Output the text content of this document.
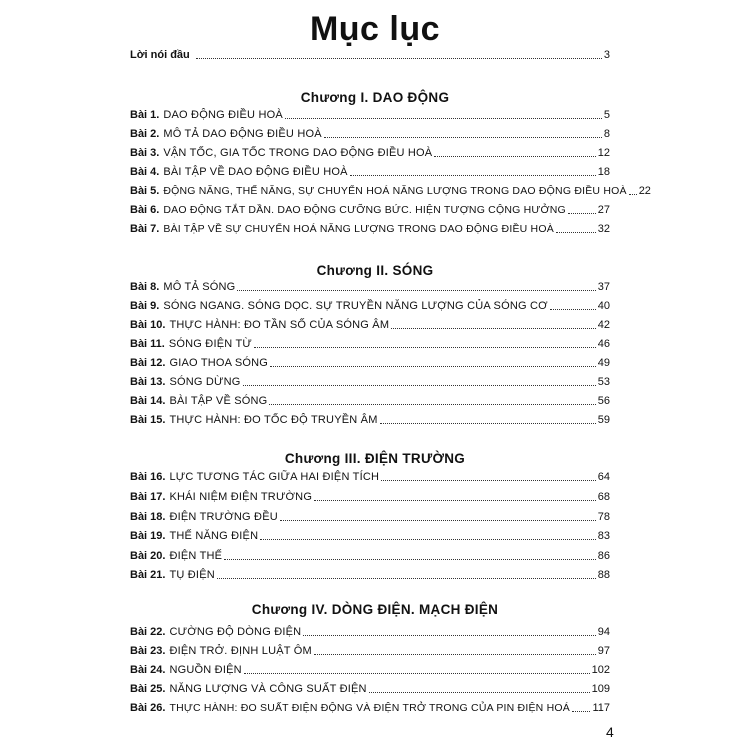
Mục lục
Lời nói đầu	3
Chương I. DAO ĐỘNG
Bài 1. DAO ĐỘNG ĐIỀU HOÀ	5
Bài 2. MÔ TẢ DAO ĐỘNG ĐIỀU HOÀ	8
Bài 3. VẬN TỐC, GIA TỐC TRONG DAO ĐỘNG ĐIỀU HOÀ	12
Bài 4. BÀI TẬP VỀ DAO ĐỘNG ĐIỀU HOÀ	18
Bài 5. ĐỘNG NĂNG, THẾ NĂNG, SỰ CHUYỂN HOÁ NĂNG LƯỢNG TRONG DAO ĐỘNG ĐIỀU HOÀ 22
Bài 6. DAO ĐỘNG TẮT DẦN. DAO ĐỘNG CƯỠNG BỨC. HIỆN TƯỢNG CỘNG HƯỞNG	27
Bài 7. BÀI TẬP VỀ SỰ CHUYỂN HOÁ NĂNG LƯỢNG TRONG DAO ĐỘNG ĐIỀU HOÀ	32
Chương II. SÓNG
Bài 8. MÔ TẢ SÓNG	37
Bài 9. SÓNG NGANG. SÓNG DỌC. SỰ TRUYỀN NĂNG LƯỢNG CỦA SÓNG CƠ	40
Bài 10. THỰC HÀNH: ĐO TẦN SỐ CỦA SÓNG ÂM	42
Bài 11. SÓNG ĐIỆN TỪ	46
Bài 12. GIAO THOA SÓNG	49
Bài 13. SÓNG DỪNG	53
Bài 14. BÀI TẬP VỀ SÓNG	56
Bài 15. THỰC HÀNH: ĐO TỐC ĐỘ TRUYỀN ÂM	59
Chương III. ĐIỆN TRƯỜNG
Bài 16. LỰC TƯƠNG TÁC GIỮA HAI ĐIỆN TÍCH	64
Bài 17. KHÁI NIỆM ĐIỆN TRƯỜNG	68
Bài 18. ĐIỆN TRƯỜNG ĐỀU	78
Bài 19. THẾ NĂNG ĐIỆN	83
Bài 20. ĐIỆN THẾ	86
Bài 21. TỤ ĐIỆN	88
Chương IV. DÒNG ĐIỆN. MẠCH ĐIỆN
Bài 22. CƯỜNG ĐỘ DÒNG ĐIỆN	94
Bài 23. ĐIỆN TRỞ. ĐỊNH LUẬT ÔM	97
Bài 24. NGUỒN ĐIỆN	102
Bài 25. NĂNG LƯỢNG VÀ CÔNG SUẤT ĐIỆN	109
Bài 26. THỰC HÀNH: ĐO SUẤT ĐIỆN ĐỘNG VÀ ĐIỆN TRỞ TRONG CỦA PIN ĐIỆN HOÁ 117
4
